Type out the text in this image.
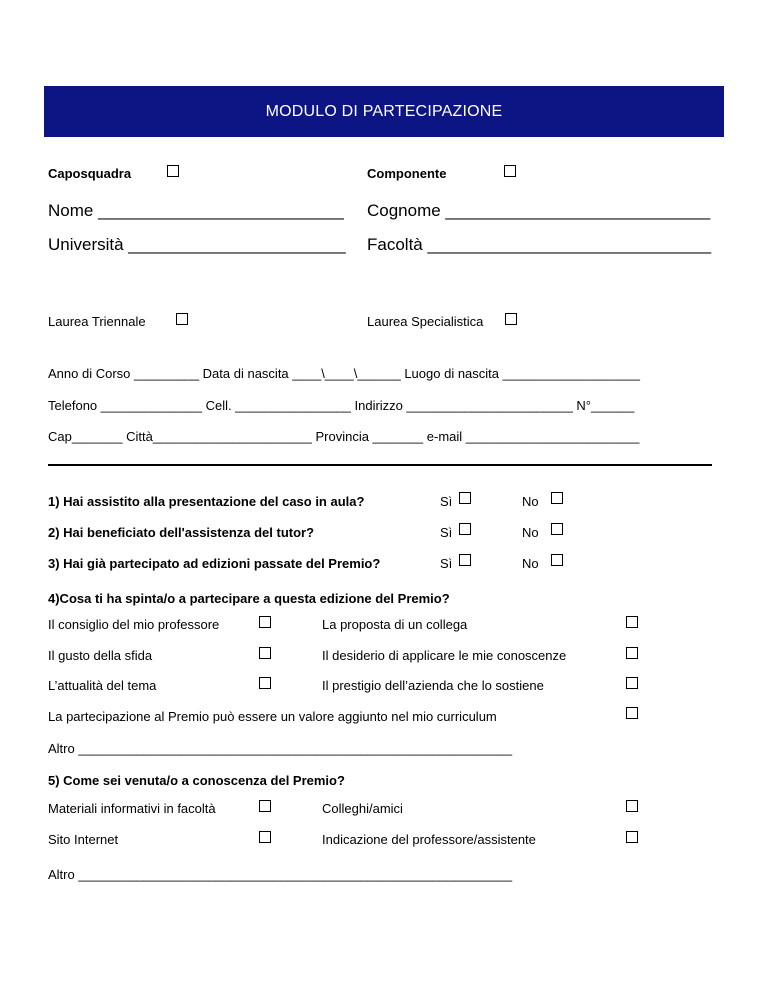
MODULO DI PARTECIPAZIONE
Caposquadra	Componente
Nome __________________________ Cognome ____________________________
Università _______________________ Facoltà ______________________________
Laurea Triennale	Laurea Specialistica
Anno di Corso _________ Data di nascita ____\____\______ Luogo di nascita ___________________
Telefono ______________ Cell. ________________ Indirizzo _______________________ N°______
Cap_______ Città______________________ Provincia _______ e-mail ________________________
1) Hai assistito alla presentazione del caso in aula?	Sì	No
2) Hai beneficiato dell'assistenza del tutor?	Sì	No
3) Hai già partecipato ad edizioni passate del Premio?	Sì	No
4)Cosa ti ha spinta/o a partecipare a questa edizione del Premio?
Il consiglio del mio professore	La proposta di un collega
Il gusto della sfida	Il desiderio di applicare le mie conoscenze
L’attualità del tema	Il prestigio dell’azienda che lo sostiene
La partecipazione al Premio può essere un valore aggiunto nel mio curriculum
Altro ____________________________________________________________
5) Come sei venuta/o a conoscenza del Premio?
Materiali informativi in facoltà	Colleghi/amici
Sito Internet	Indicazione del professore/assistente
Altro ____________________________________________________________
